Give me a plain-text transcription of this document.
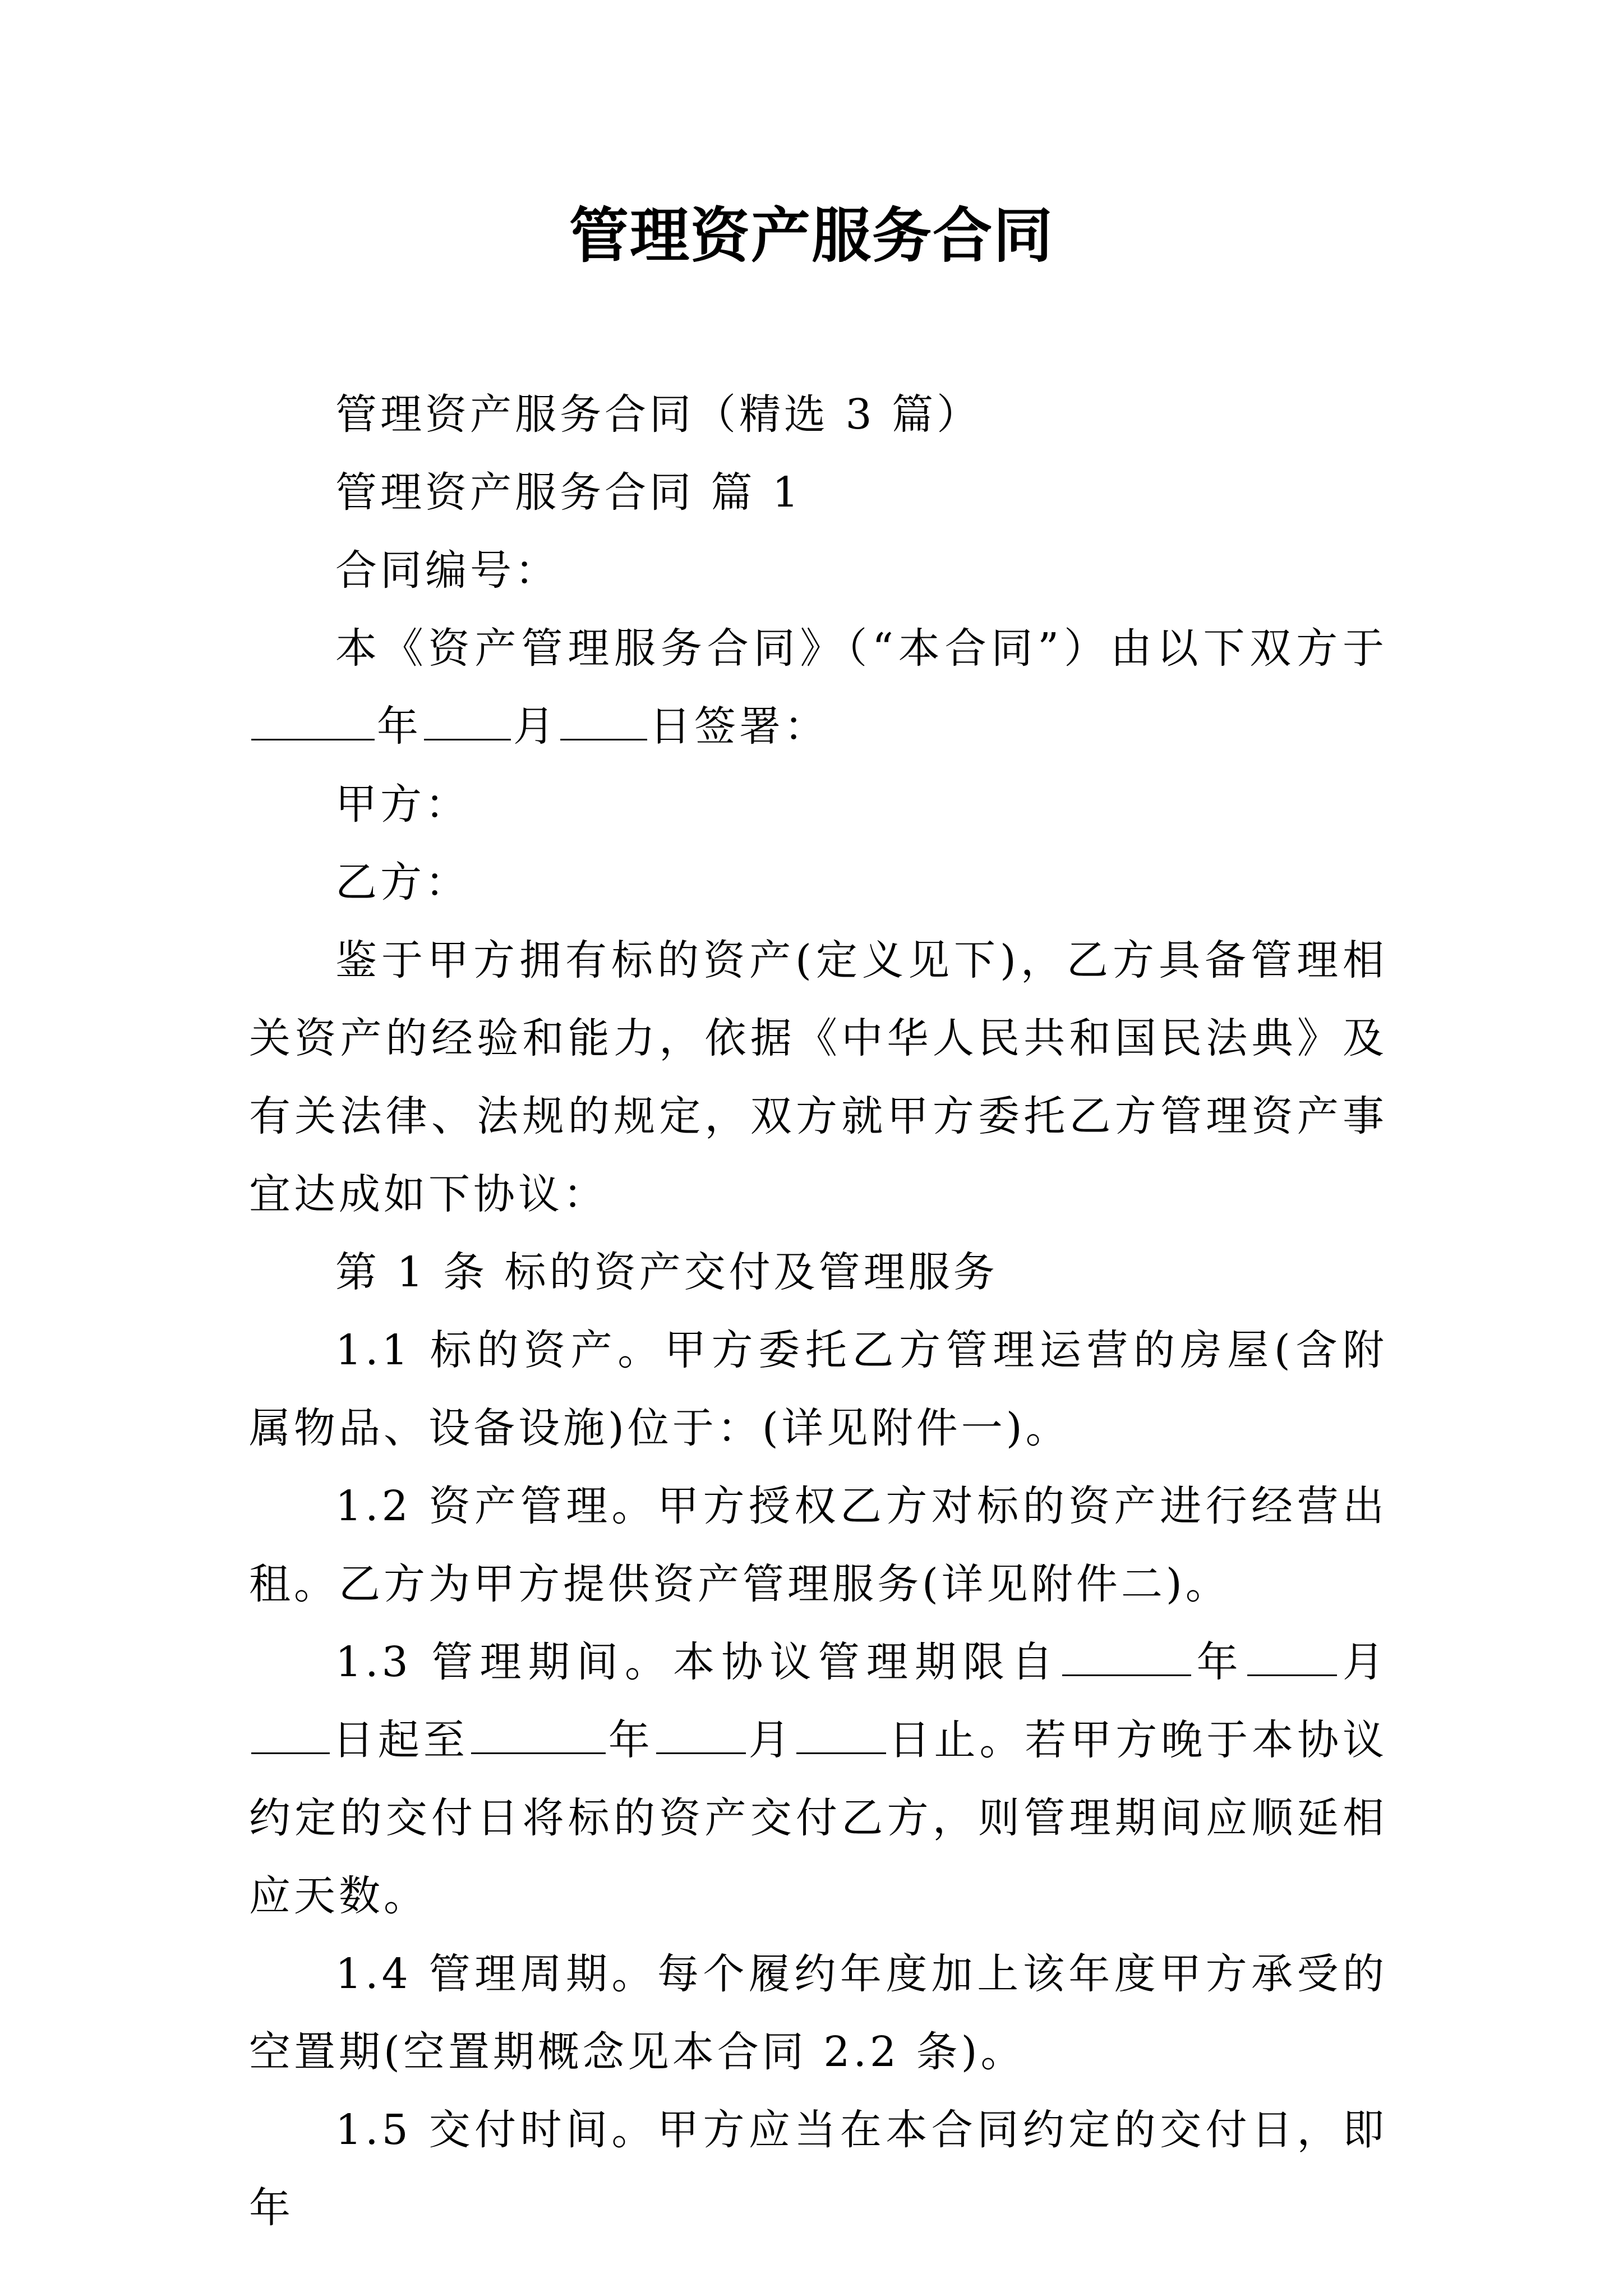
管理资产服务合同

管理资产服务合同（精选 3 篇）

管理资产服务合同 篇 1

合同编号：

本《资产管理服务合同》（“本合同”）由以下双方于年 月 日签署：

甲方：

乙方：

鉴于甲方拥有标的资产(定义见下)，乙方具备管理相关资产的经验和能力，依据《中华人民共和国民法典》及有关法律、法规的规定，双方就甲方委托乙方管理资产事宜达成如下协议：

第 1 条 标的资产交付及管理服务

1.1 标的资产。甲方委托乙方管理运营的房屋(含附属物品、设备设施)位于：(详见附件一)。

1.2 资产管理。甲方授权乙方对标的资产进行经营出租。乙方为甲方提供资产管理服务(详见附件二)。

1.3 管理期间。本协议管理期限自	年 月日起至	年 月 日止。若甲方晚于本协议约定的交付日将标的资产交付乙方，则管理期间应顺延相应天数。

1.4 管理周期。每个履约年度加上该年度甲方承受的空置期(空置期概念见本合同 2.2 条)。

1.5 交付时间。甲方应当在本合同约定的交付日，即年
